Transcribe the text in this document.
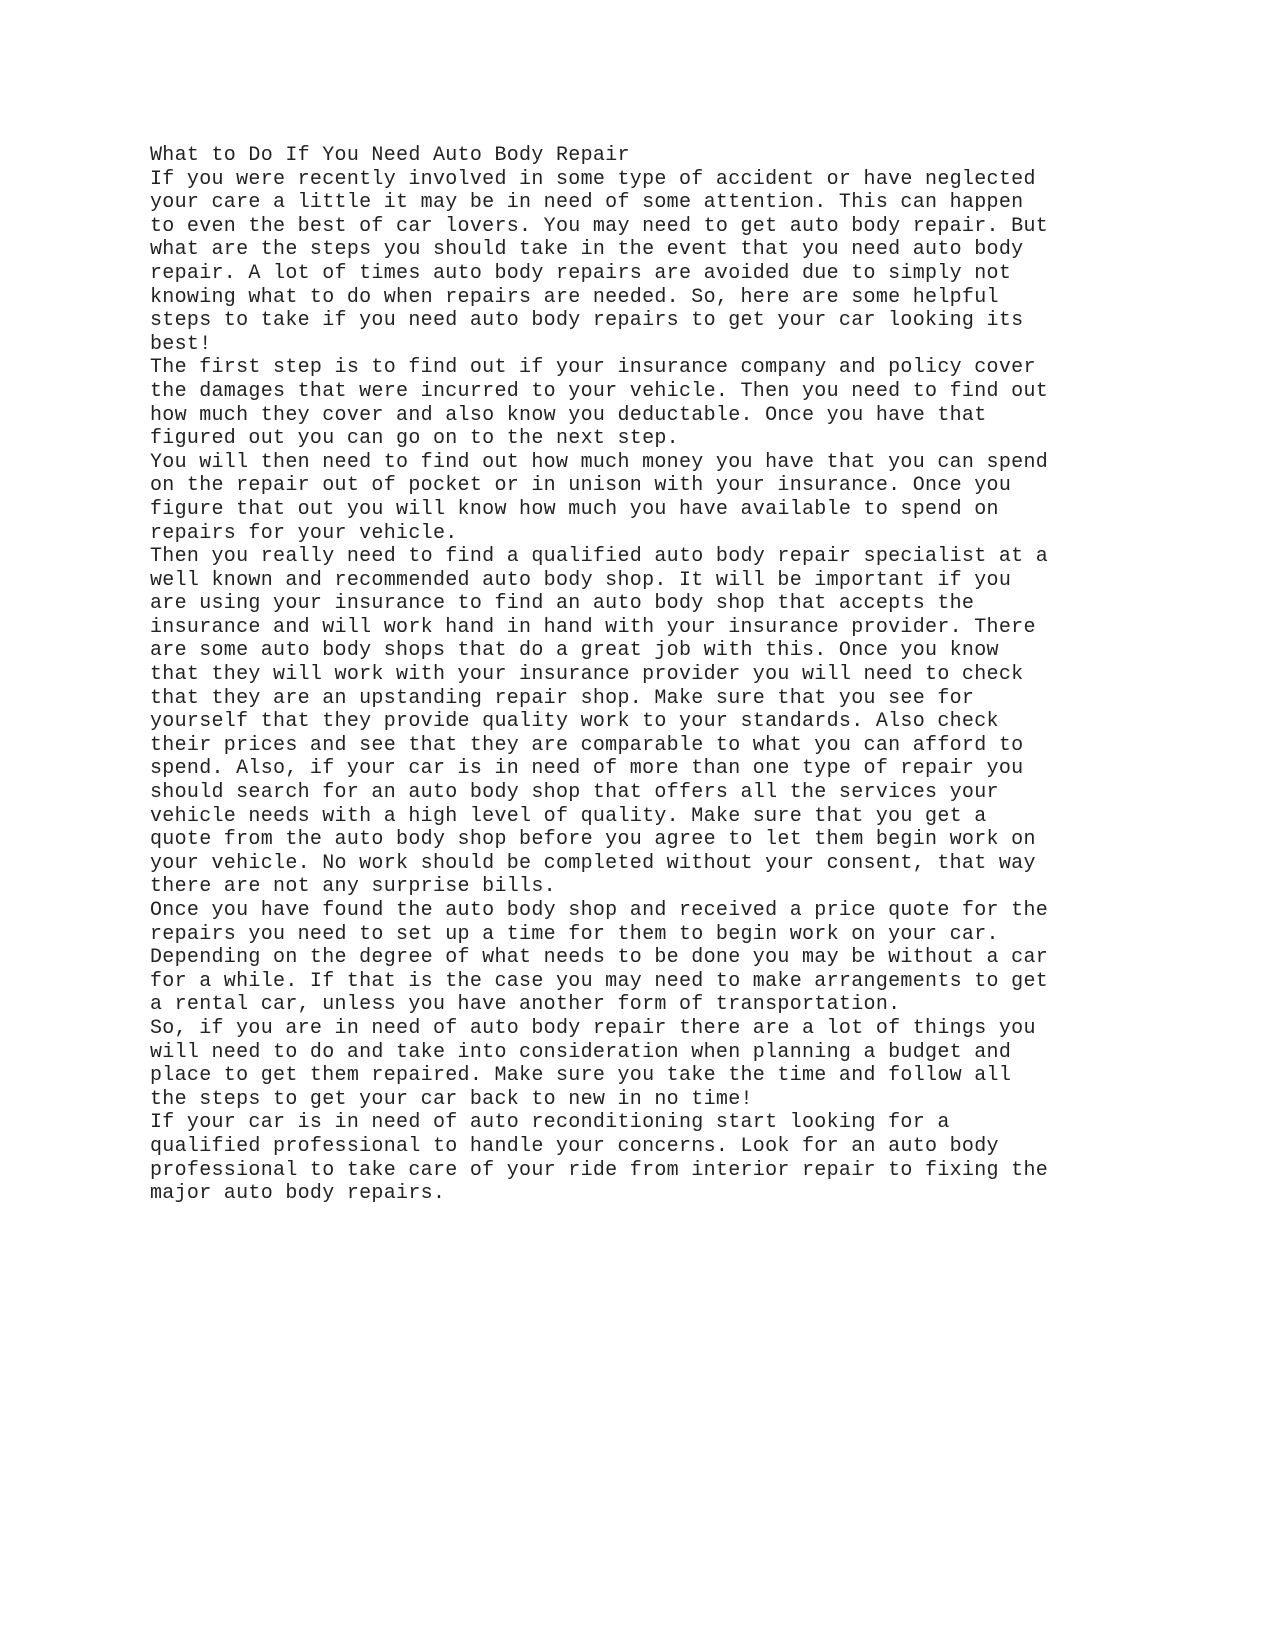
What to Do If You Need Auto Body Repair
If you were recently involved in some type of accident or have neglected
your care a little it may be in need of some attention. This can happen
to even the best of car lovers. You may need to get auto body repair. But
what are the steps you should take in the event that you need auto body
repair. A lot of times auto body repairs are avoided due to simply not
knowing what to do when repairs are needed. So, here are some helpful
steps to take if you need auto body repairs to get your car looking its
best!
The first step is to find out if your insurance company and policy cover
the damages that were incurred to your vehicle. Then you need to find out
how much they cover and also know you deductable. Once you have that
figured out you can go on to the next step.
You will then need to find out how much money you have that you can spend
on the repair out of pocket or in unison with your insurance. Once you
figure that out you will know how much you have available to spend on
repairs for your vehicle.
Then you really need to find a qualified auto body repair specialist at a
well known and recommended auto body shop. It will be important if you
are using your insurance to find an auto body shop that accepts the
insurance and will work hand in hand with your insurance provider. There
are some auto body shops that do a great job with this. Once you know
that they will work with your insurance provider you will need to check
that they are an upstanding repair shop. Make sure that you see for
yourself that they provide quality work to your standards. Also check
their prices and see that they are comparable to what you can afford to
spend. Also, if your car is in need of more than one type of repair you
should search for an auto body shop that offers all the services your
vehicle needs with a high level of quality. Make sure that you get a
quote from the auto body shop before you agree to let them begin work on
your vehicle. No work should be completed without your consent, that way
there are not any surprise bills.
Once you have found the auto body shop and received a price quote for the
repairs you need to set up a time for them to begin work on your car.
Depending on the degree of what needs to be done you may be without a car
for a while. If that is the case you may need to make arrangements to get
a rental car, unless you have another form of transportation.
So, if you are in need of auto body repair there are a lot of things you
will need to do and take into consideration when planning a budget and
place to get them repaired. Make sure you take the time and follow all
the steps to get your car back to new in no time!
If your car is in need of auto reconditioning start looking for a
qualified professional to handle your concerns. Look for an auto body
professional to take care of your ride from interior repair to fixing the
major auto body repairs.
